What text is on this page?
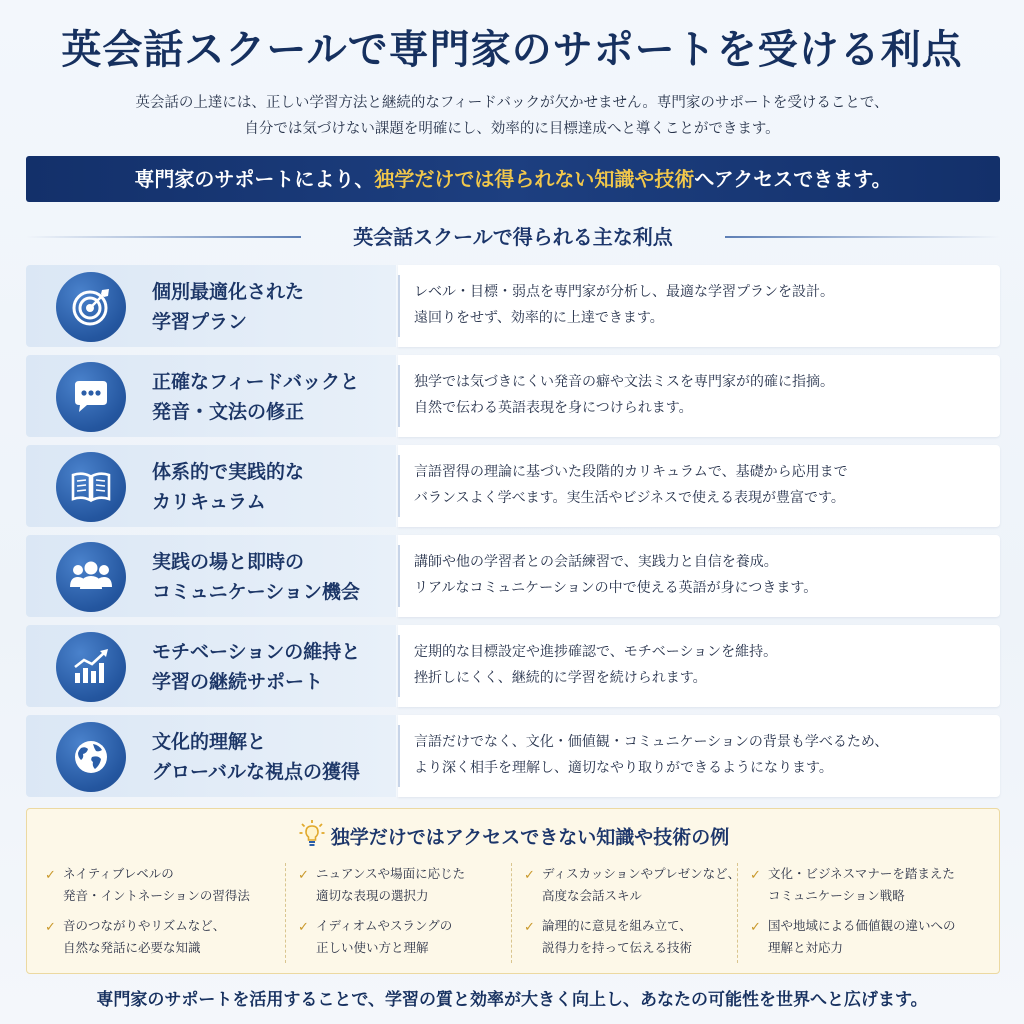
英会話スクールで専門家のサポートを受ける利点
英会話の上達には、正しい学習方法と継続的なフィードバックが欠かせません。専門家のサポートを受けることで、
自分では気づけない課題を明確にし、効率的に目標達成へと導くことができます。
専門家のサポートにより、独学だけでは得られない知識や技術へアクセスできます。
英会話スクールで得られる主な利点
個別最適化された
学習プラン
レベル・目標・弱点を専門家が分析し、最適な学習プランを設計。
遠回りをせず、効率的に上達できます。
正確なフィードバックと
発音・文法の修正
独学では気づきにくい発音の癖や文法ミスを専門家が的確に指摘。
自然で伝わる英語表現を身につけられます。
体系的で実践的な
カリキュラム
言語習得の理論に基づいた段階的カリキュラムで、基礎から応用まで
バランスよく学べます。実生活やビジネスで使える表現が豊富です。
実践の場と即時の
コミュニケーション機会
講師や他の学習者との会話練習で、実践力と自信を養成。
リアルなコミュニケーションの中で使える英語が身につきます。
モチベーションの維持と
学習の継続サポート
定期的な目標設定や進捗確認で、モチベーションを維持。
挫折しにくく、継続的に学習を続けられます。
文化的理解と
グローバルな視点の獲得
言語だけでなく、文化・価値観・コミュニケーションの背景も学べるため、
より深く相手を理解し、適切なやり取りができるようになります。
独学だけではアクセスできない知識や技術の例
✓ ネイティブレベルの
発音・イントネーションの習得法
✓ 音のつながりやリズムなど、
自然な発話に必要な知識
✓ ニュアンスや場面に応じた
適切な表現の選択力
✓ イディオムやスラングの
正しい使い方と理解
✓ ディスカッションやプレゼンなど、
高度な会話スキル
✓ 論理的に意見を組み立て、
説得力を持って伝える技術
✓ 文化・ビジネスマナーを踏まえた
コミュニケーション戦略
✓ 国や地域による価値観の違いへの
理解と対応力
専門家のサポートを活用することで、学習の質と効率が大きく向上し、あなたの可能性を世界へと広げます。
